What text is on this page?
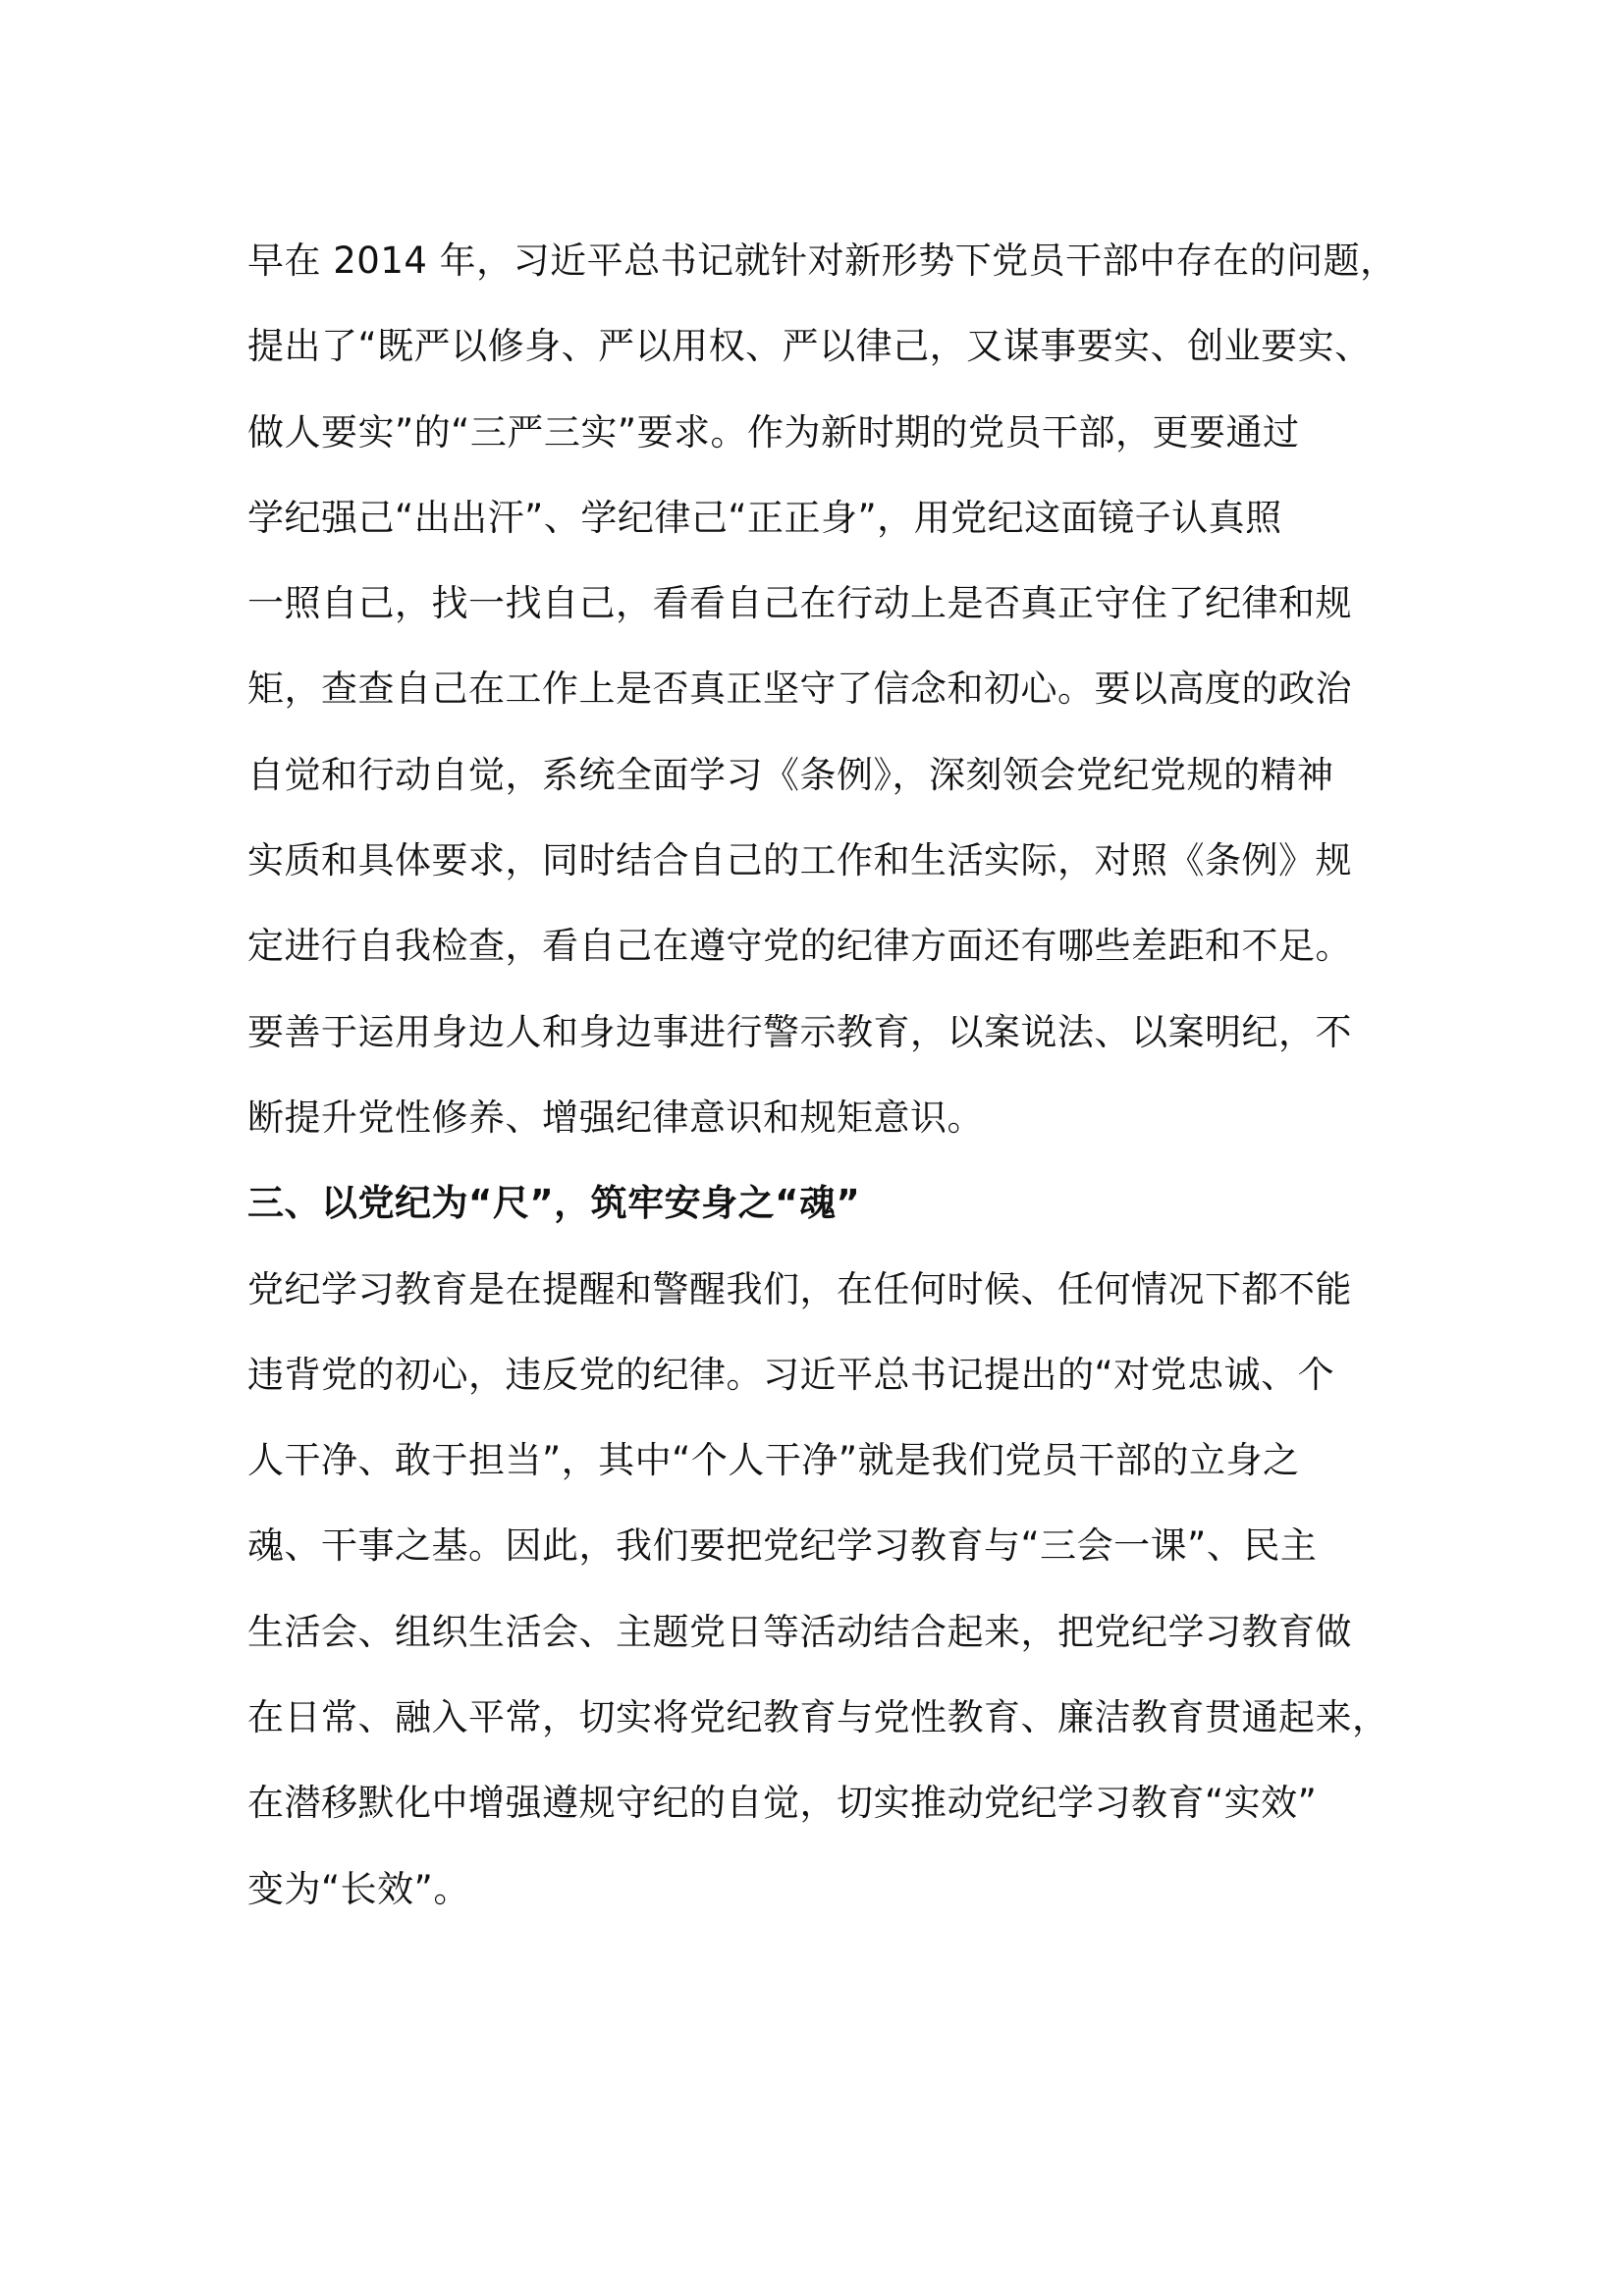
早在 2014 年，习近平总书记就针对新形势下党员干部中存在的问题，
提出了“既严以修身、严以用权、严以律己，又谋事要实、创业要实、
做人要实”的“三严三实”要求。作为新时期的党员干部，更要通过
学纪强己“出出汗”、学纪律己“正正身”，用党纪这面镜子认真照
一照自己，找一找自己，看看自己在行动上是否真正守住了纪律和规
矩，查查自己在工作上是否真正坚守了信念和初心。要以高度的政治
自觉和行动自觉，系统全面学习《条例》，深刻领会党纪党规的精神
实质和具体要求，同时结合自己的工作和生活实际，对照《条例》规
定进行自我检查，看自己在遵守党的纪律方面还有哪些差距和不足。
要善于运用身边人和身边事进行警示教育，以案说法、以案明纪，不
断提升党性修养、增强纪律意识和规矩意识。
三、以党纪为“尺”，筑牢安身之“魂”
党纪学习教育是在提醒和警醒我们，在任何时候、任何情况下都不能
违背党的初心，违反党的纪律。习近平总书记提出的“对党忠诚、个
人干净、敢于担当”，其中“个人干净”就是我们党员干部的立身之
魂、干事之基。因此，我们要把党纪学习教育与“三会一课”、民主
生活会、组织生活会、主题党日等活动结合起来，把党纪学习教育做
在日常、融入平常，切实将党纪教育与党性教育、廉洁教育贯通起来，
在潜移默化中增强遵规守纪的自觉，切实推动党纪学习教育“实效”
变为“长效”。
